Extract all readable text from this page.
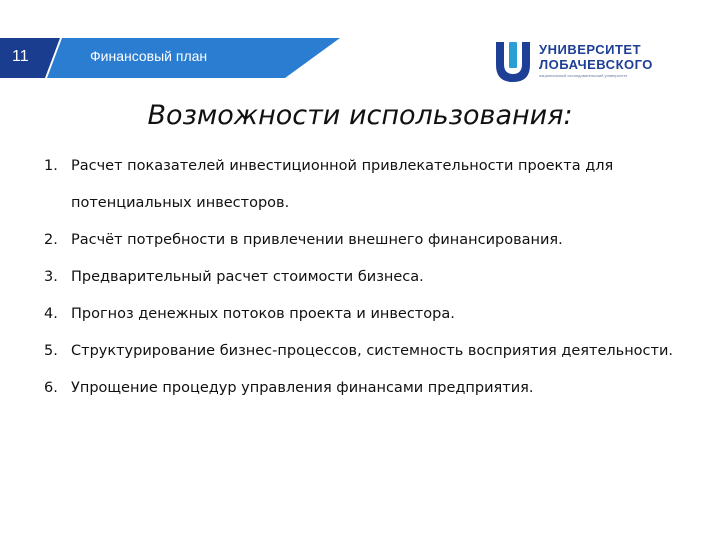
11	Финансовый план	УНИВЕРСИТЕТ
ЛОБАЧЕВСКОГО
национальный исследовательский университет
Возможности использования:
1. Расчет показателей инвестиционной привлекательности проекта для потенциальных инвесторов.
2. Расчёт потребности в привлечении внешнего финансирования.
3. Предварительный расчет стоимости бизнеса.
4. Прогноз денежных потоков проекта и инвестора.
5. Структурирование бизнес-процессов, системность восприятия деятельности.
6. Упрощение процедур управления финансами предприятия.
